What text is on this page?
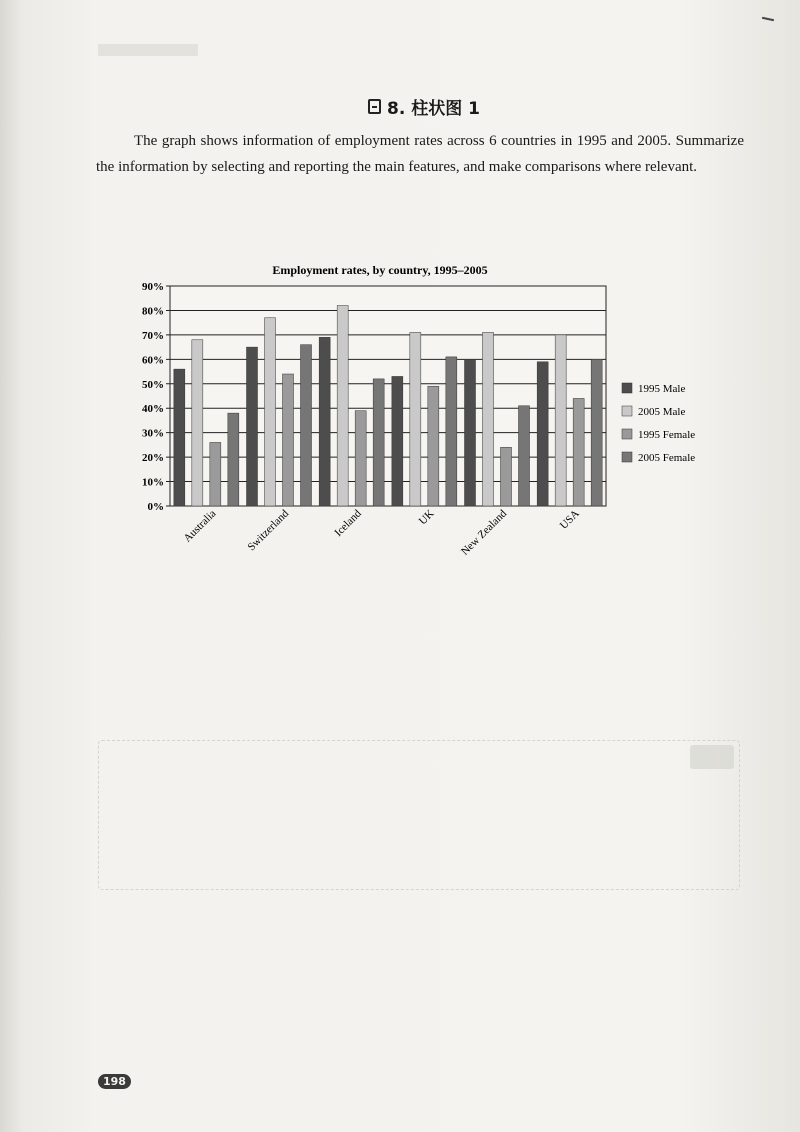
8. 柱状图 1
The graph shows information of employment rates across 6 countries in 1995 and 2005. Summarize the information by selecting and reporting the main features, and make comparisons where relevant.
Employment rates, by country, 1995–2005
0%
10%
20%
30%
40%
50%
60%
70%
80%
90%
Australia Switzerland	Iceland	UK New Zealand	USA
1995 Male
2005 Male
1995 Female
2005 Female
198
